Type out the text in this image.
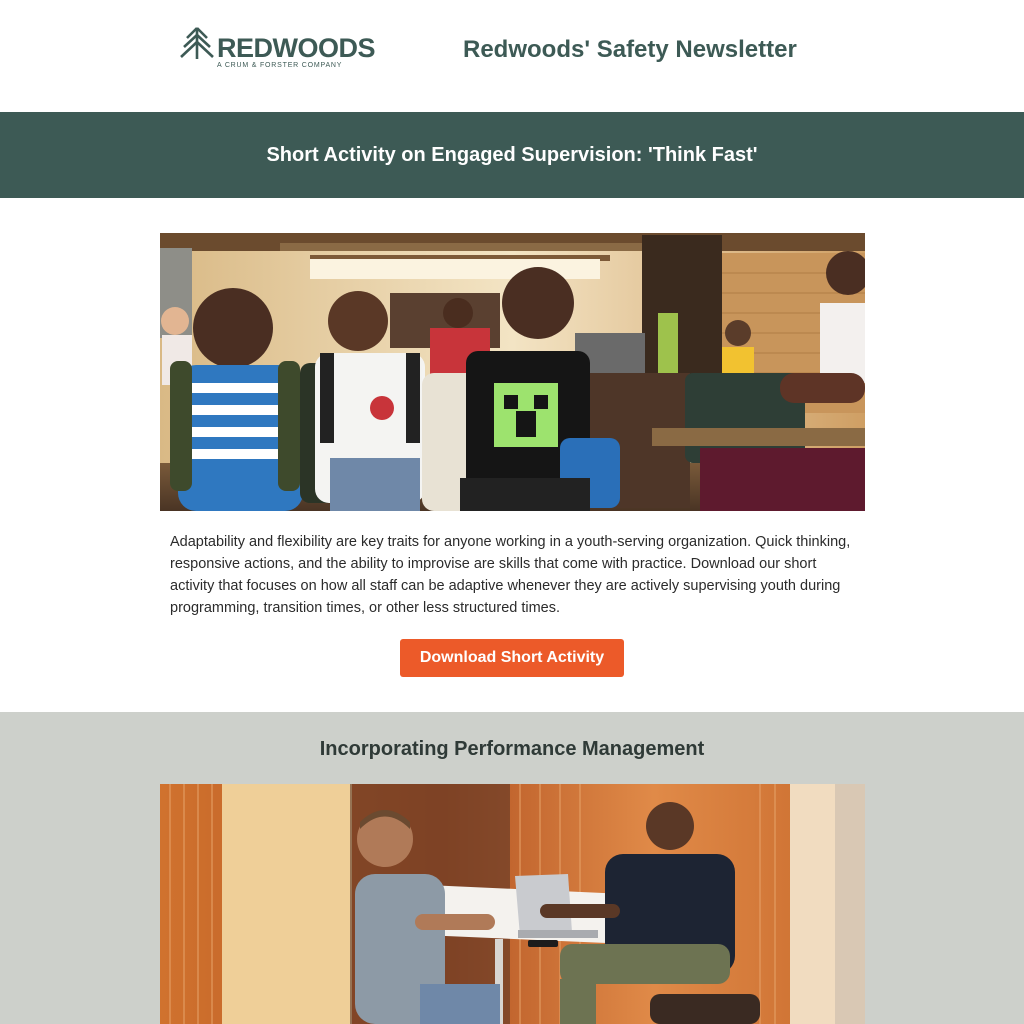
REDWOODS
A CRUM & FORSTER COMPANY
Redwoods' Safety Newsletter
Short Activity on Engaged Supervision: 'Think Fast'
Adaptability and flexibility are key traits for anyone working in a youth-serving organization. Quick thinking, responsive actions, and the ability to improvise are skills that come with practice. Download our short activity that focuses on how all staff can be adaptive whenever they are actively supervising youth during programming, transition times, or other less structured times.
Download Short Activity
Incorporating Performance Management
